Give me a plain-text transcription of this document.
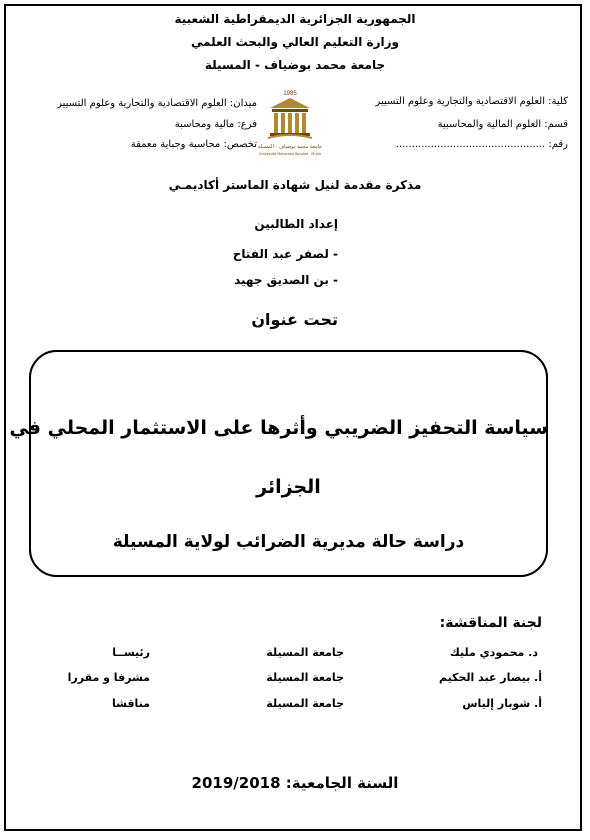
الجمهورية الجزائرية الديمقراطية الشعبية
وزارة التعليم العالي والبحث العلمي
جامعة محمد بوضياف - المسيلة
كلية: العلوم الاقتصادية والتجارية وعلوم التسيير
قسم: العلوم المالية والمحاسبية
رقم: ...............................................
ميدان: العلوم الاقتصادية والتجارية وعلوم التسيير
فرع: مالية ومحاسبة
تخصص: محاسبة وجباية معمقة
1985
جامعة محمد بوضياف - المسيلة
Université Mohamed Boudiaf - M'sila
مذكرة مقدمة لنيل شهادة الماستر أكاديمـي
إعداد الطالبين
- لصفر عبد الفتاح
- بن الصديق جهيد
تحت عنوان
سياسة التحفيز الضريبي وأثرها على الاستثمار المحلي في
الجزائر
دراسة حالة مديرية الضرائب لولاية المسيلة
لجنة المناقشة:
د. محمودي مليك
جامعة المسيلة
رئيســا
أ. بيصار عبد الحكيم
جامعة المسيلة
مشرفا و مقررا
أ. شوبار إلياس
جامعة المسيلة
مناقشا
السنة الجامعية: 2019/2018
